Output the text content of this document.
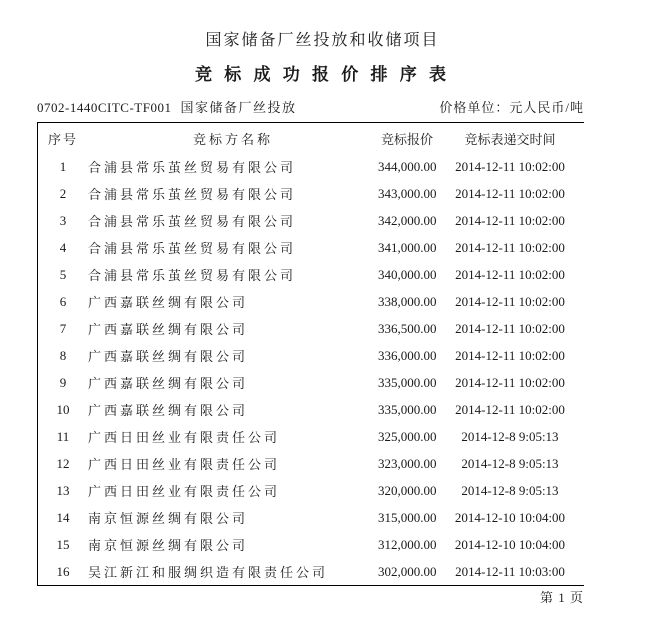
国家储备厂丝投放和收储项目
竞 标 成 功 报 价 排 序 表
0702-1440CITC-TF001 国家储备厂丝投放	价格单位：元人民币/吨
序号	竞标方名称	竞标报价	竞标表递交时间
1	合浦县常乐茧丝贸易有限公司	344,000.00	2014-12-11 10:02:00
2	合浦县常乐茧丝贸易有限公司	343,000.00	2014-12-11 10:02:00
3	合浦县常乐茧丝贸易有限公司	342,000.00	2014-12-11 10:02:00
4	合浦县常乐茧丝贸易有限公司	341,000.00	2014-12-11 10:02:00
5	合浦县常乐茧丝贸易有限公司	340,000.00	2014-12-11 10:02:00
6	广西嘉联丝绸有限公司	338,000.00	2014-12-11 10:02:00
7	广西嘉联丝绸有限公司	336,500.00	2014-12-11 10:02:00
8	广西嘉联丝绸有限公司	336,000.00	2014-12-11 10:02:00
9	广西嘉联丝绸有限公司	335,000.00	2014-12-11 10:02:00
10	广西嘉联丝绸有限公司	335,000.00	2014-12-11 10:02:00
11	广西日田丝业有限责任公司	325,000.00	2014-12-8 9:05:13
12	广西日田丝业有限责任公司	323,000.00	2014-12-8 9:05:13
13	广西日田丝业有限责任公司	320,000.00	2014-12-8 9:05:13
14	南京恒源丝绸有限公司	315,000.00	2014-12-10 10:04:00
15	南京恒源丝绸有限公司	312,000.00	2014-12-10 10:04:00
16	吴江新江和服绸织造有限责任公司	302,000.00	2014-12-11 10:03:00
第 1 页
